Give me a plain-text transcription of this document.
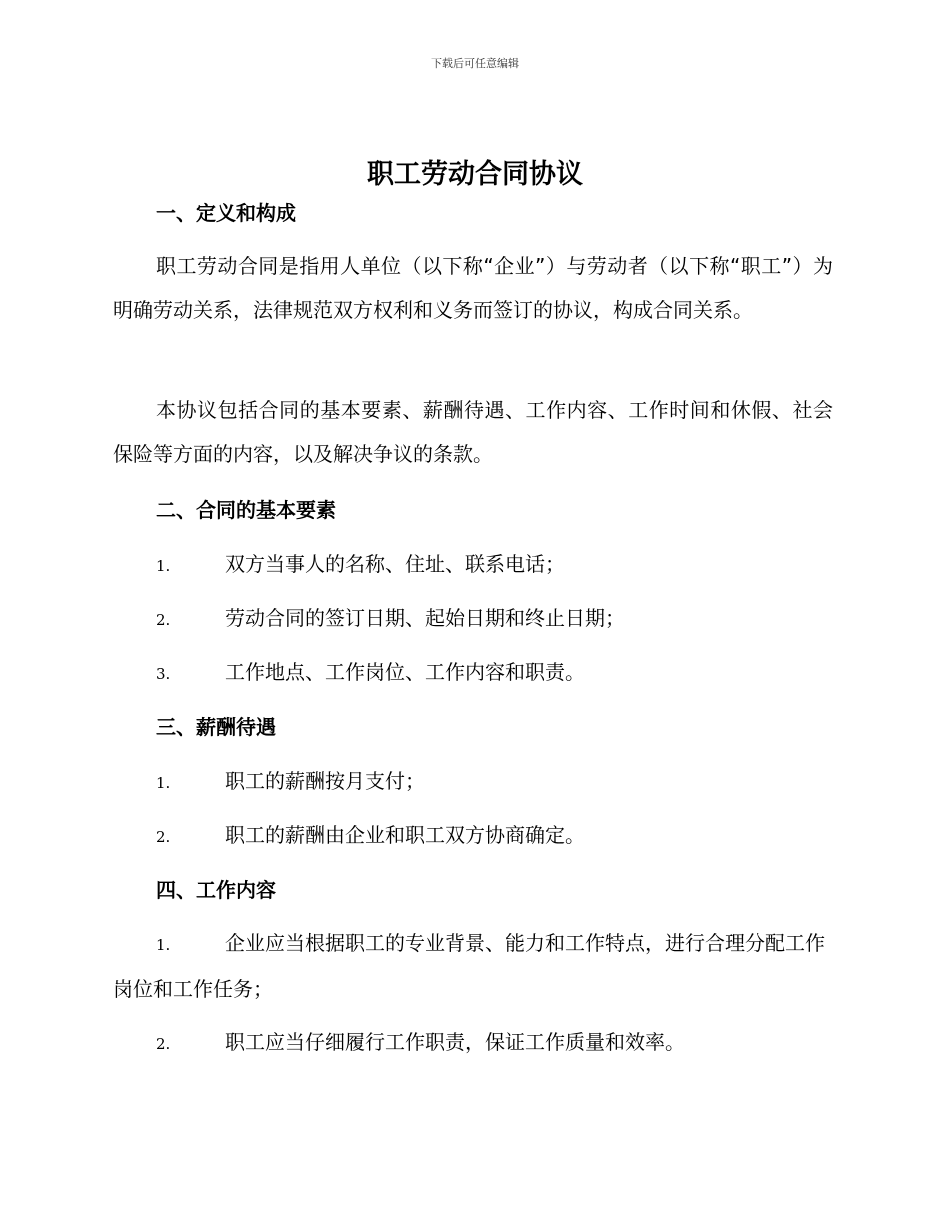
下载后可任意编辑
职工劳动合同协议
一、定义和构成

职工劳动合同是指用人单位（以下称“企业”）与劳动者（以下称“职工”）为明确劳动关系，法律规范双方权利和义务而签订的协议，构成合同关系。

本协议包括合同的基本要素、薪酬待遇、工作内容、工作时间和休假、社会保险等方面的内容，以及解决争议的条款。

二、合同的基本要素

1.	双方当事人的名称、住址、联系电话；

2.	劳动合同的签订日期、起始日期和终止日期；

3.	工作地点、工作岗位、工作内容和职责。

三、薪酬待遇

1.	职工的薪酬按月支付；

2.	职工的薪酬由企业和职工双方协商确定。

四、工作内容

1.	企业应当根据职工的专业背景、能力和工作特点，进行合理分配工作岗位和工作任务；

2.	职工应当仔细履行工作职责，保证工作质量和效率。
